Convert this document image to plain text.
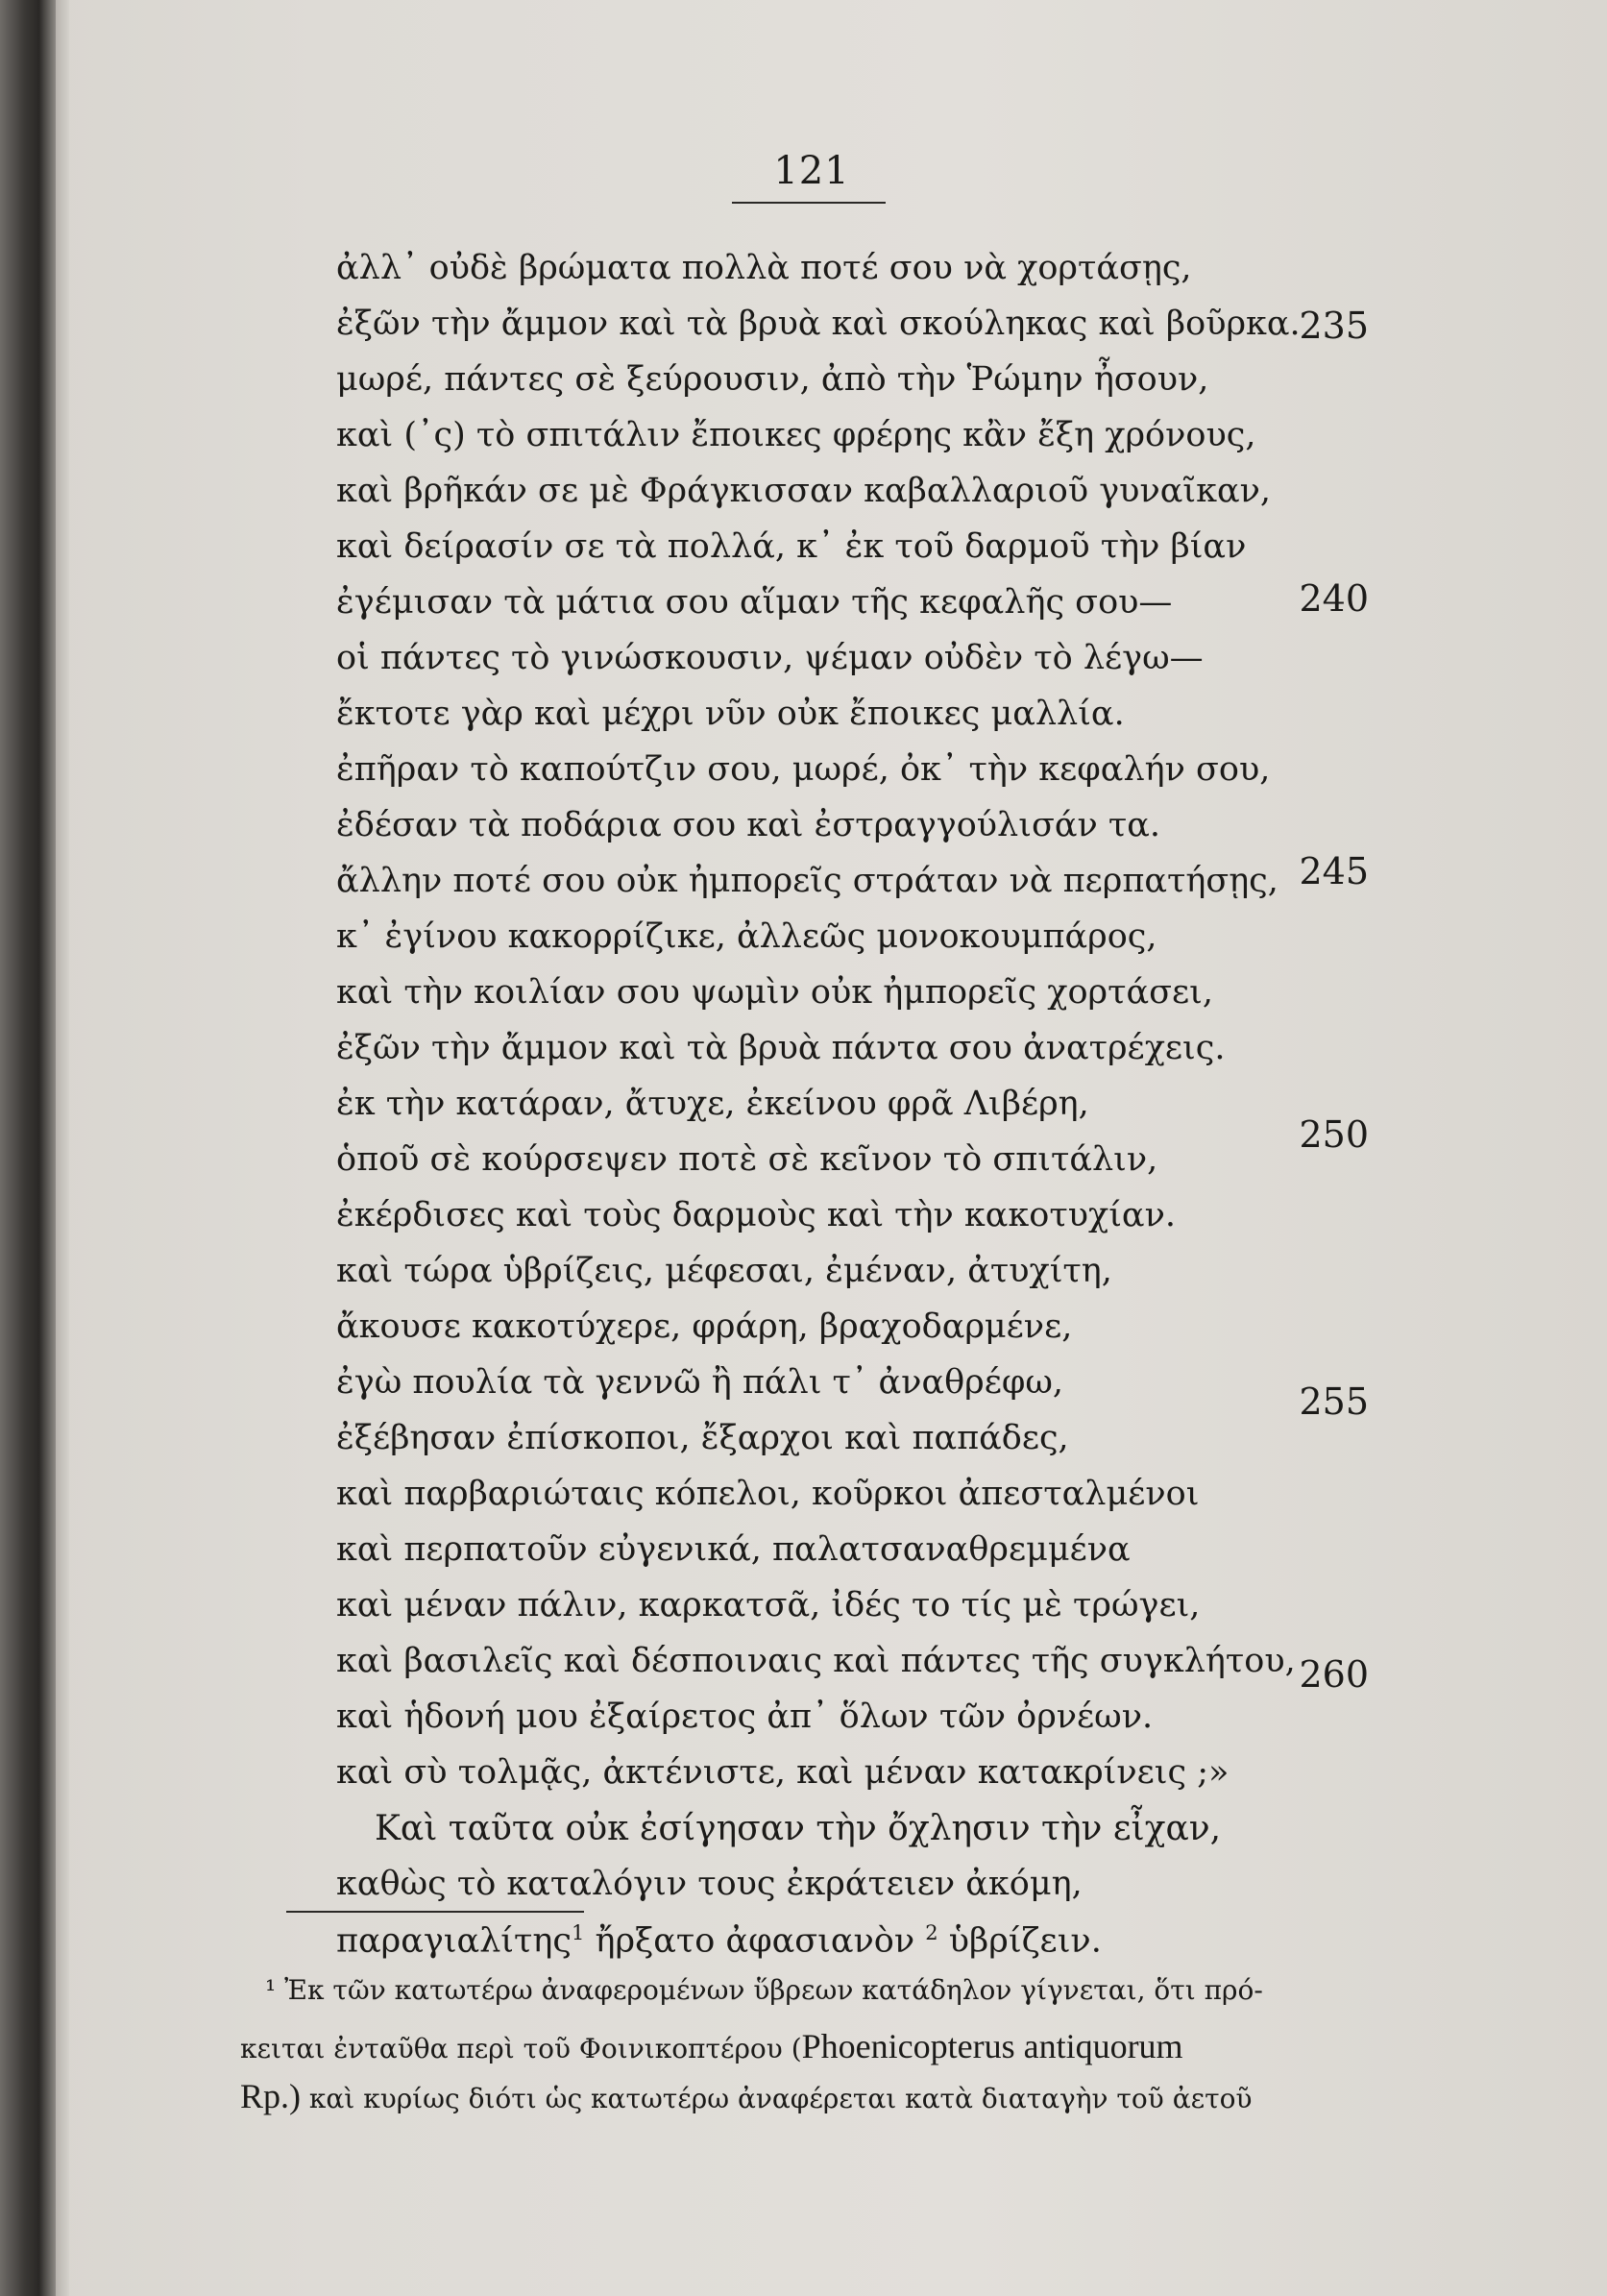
121
ἀλλ᾿ οὐδὲ βρώματα πολλὰ ποτέ σου νὰ χορτάσῃς,
ἐξῶν τὴν ἄμμον καὶ τὰ βρυὰ καὶ σκούληκας καὶ βοῦρκα.
μωρέ, πάντες σὲ ξεύρουσιν, ἀπὸ τὴν Ῥώμην ἦσουν,
καὶ (᾿ς) τὸ σπιτάλιν ἔποικες φρέρης κἂν ἔξη χρόνους,
καὶ βρῆκάν σε μὲ Φράγκισσαν καβαλλαριοῦ γυναῖκαν,
καὶ δείρασίν σε τὰ πολλά, κ᾿ ἐκ τοῦ δαρμοῦ τὴν βίαν
ἐγέμισαν τὰ μάτια σου αἵμαν τῆς κεφαλῆς σου—
οἱ πάντες τὸ γινώσκουσιν, ψέμαν οὐδὲν τὸ λέγω—
ἔκτοτε γὰρ καὶ μέχρι νῦν οὐκ ἔποικες μαλλία.
ἐπῆραν τὸ καπούτζιν σου, μωρέ, ὀκ᾿ τὴν κεφαλήν σου,
ἐδέσαν τὰ ποδάρια σου καὶ ἐστραγγούλισάν τα.
ἄλλην ποτέ σου οὐκ ἠμπορεῖς στράταν νὰ περπατήσῃς,
κ᾿ ἐγίνου κακορρίζικε, ἀλλεῶς μονοκουμπάρος,
καὶ τὴν κοιλίαν σου ψωμὶν οὐκ ἠμπορεῖς χορτάσει,
ἐξῶν τὴν ἄμμον καὶ τὰ βρυὰ πάντα σου ἀνατρέχεις.
ἐκ τὴν κατάραν, ἄτυχε, ἐκείνου φρᾶ Λιβέρη,
ὁποῦ σὲ κούρσεψεν ποτὲ σὲ κεῖνον τὸ σπιτάλιν,
ἐκέρδισες καὶ τοὺς δαρμοὺς καὶ τὴν κακοτυχίαν.
καὶ τώρα ὑβρίζεις, μέφεσαι, ἐμέναν, ἀτυχίτη,
ἄκουσε κακοτύχερε, φράρη, βραχοδαρμένε,
ἐγὼ πουλία τὰ γεννῶ ἢ πάλι τ᾿ ἀναθρέφω,
ἐξέβησαν ἐπίσκοποι, ἔξαρχοι καὶ παπάδες,
καὶ παρβαριώταις κόπελοι, κοῦρκοι ἀπεσταλμένοι
καὶ περπατοῦν εὐγενικά, παλατσαναθρεμμένα
καὶ μέναν πάλιν, καρκατσᾶ, ἰδές το τίς μὲ τρώγει,
καὶ βασιλεῖς καὶ δέσποιναις καὶ πάντες τῆς συγκλήτου,
καὶ ἡδονή μου ἐξαίρετος ἀπ᾿ ὅλων τῶν ὀρνέων.
καὶ σὺ τολμᾷς, ἀκτένιστε, καὶ μέναν κατακρίνεις ;»
Καὶ ταῦτα οὐκ ἐσίγησαν τὴν ὄχλησιν τὴν εἶχαν,
καθὼς τὸ καταλόγιν τους ἐκράτειεν ἀκόμη,
παραγιαλίτης$^1$ ἤρξατο ἀφασιανὸν $^2$ ὑβρίζειν.
235
240
245
250
255
260
¹ Ἐκ τῶν κατωτέρω ἀναφερομένων ὕβρεων κατάδηλον γίγνεται, ὅτι πρό-
κειται ἐνταῦθα περὶ τοῦ Φοινικοπτέρου (Phoenicopterus antiquorum
Rp.) καὶ κυρίως διότι ὡς κατωτέρω ἀναφέρεται κατὰ διαταγὴν τοῦ ἀετοῦ
